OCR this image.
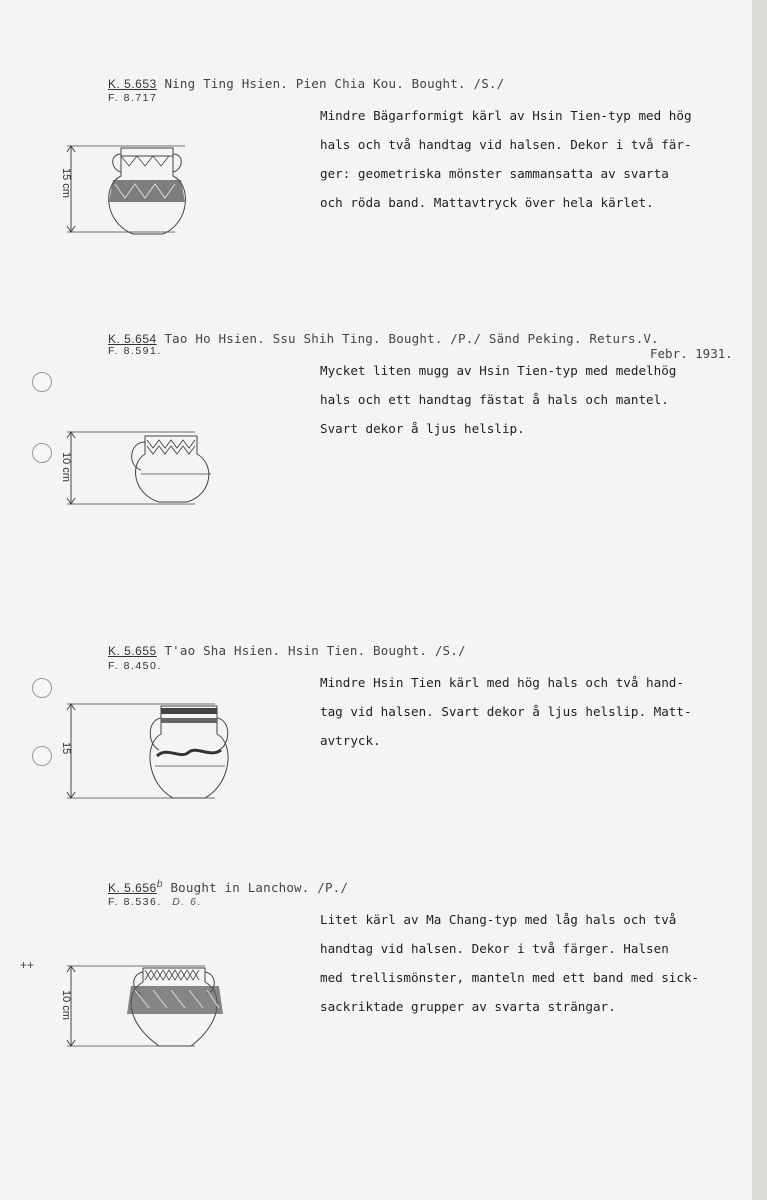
K. 5.653 Ning Ting Hsien. Pien Chia Kou. Bought. /S./
F. 8.717
Mindre Bägarformigt kärl av Hsin Tien-typ med hög
hals och två handtag vid halsen. Dekor i två fär-
ger: geometriska mönster sammansatta av svarta
och röda band. Mattavtryck över hela kärlet.
15 cm
K. 5.654 Tao Ho Hsien. Ssu Shih Ting. Bought. /P./ Sänd Peking. Returs.V.
Febr. 1931.
F. 8.591.
Mycket liten mugg av Hsin Tien-typ med medelhög
hals och ett handtag fästat å hals och mantel.
Svart dekor å ljus helslip.
10 cm
K. 5.655 T'ao Sha Hsien. Hsin Tien. Bought. /S./
F. 8.450.
Mindre Hsin Tien kärl med hög hals och två hand-
tag vid halsen. Svart dekor å ljus helslip. Matt-
avtryck.
15
++
K. 5.656$^b$ Bought in Lanchow. /P./
F. 8.536. D. 6.
Litet kärl av Ma Chang-typ med låg hals och två
handtag vid halsen. Dekor i två färger. Halsen
med trellismönster, manteln med ett band med sick-
sackriktade grupper av svarta strängar.
10 cm
